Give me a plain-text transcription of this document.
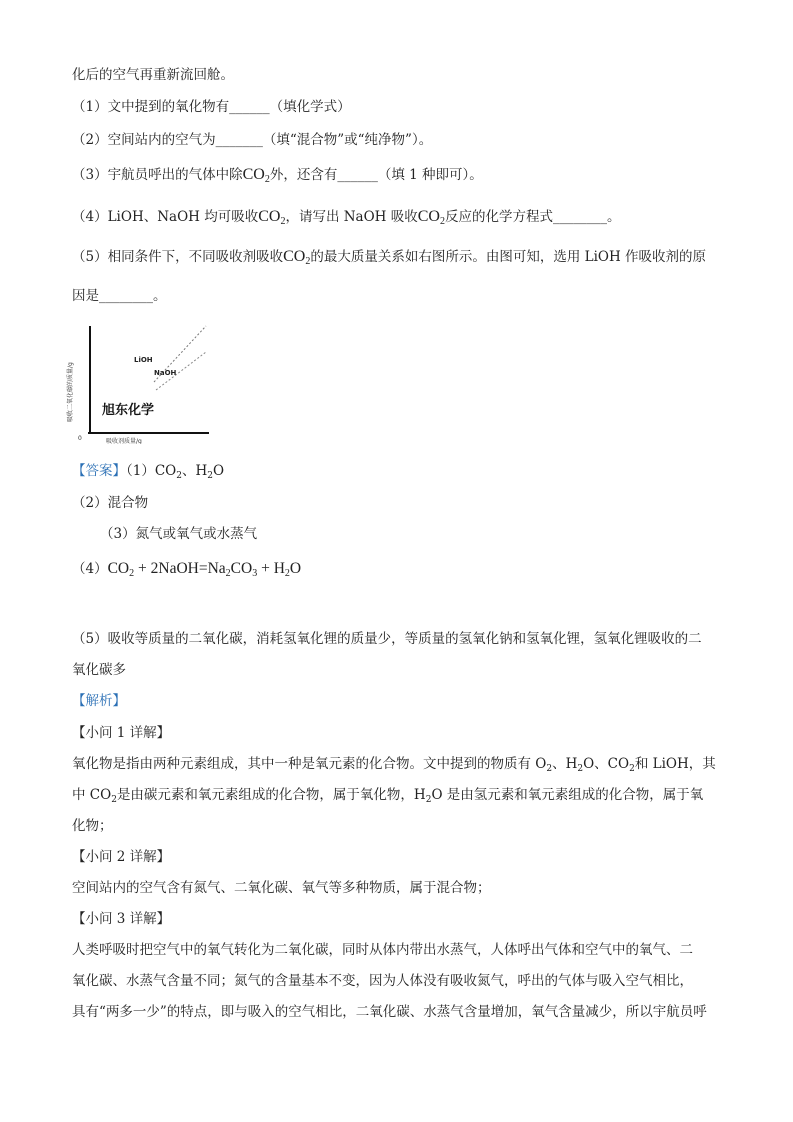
化后的空气再重新流回舱。
（1）文中提到的氧化物有______（填化学式）
（2）空间站内的空气为_______（填“混合物”或“纯净物”）。
（3）宇航员呼出的气体中除$CO_2$外，还含有______（填 1 种即可）。
（4）LiOH、NaOH 均可吸收$CO_2$，请写出 NaOH 吸收$CO_2$反应的化学方程式________。
（5）相同条件下，不同吸收剂吸收$CO_2$的最大质量关系如右图所示。由图可知，选用 LiOH 作吸收剂的原
因是________。
吸收二氧化碳的质量/g
LiOH
NaOH
旭东化学
0	吸收剂质量/g
【答案】$(1)CO_2$、$H_2O$
（2）混合物
（3）氮气或氧气或水蒸气
$(4)CO_2$ + $2NaOH=Na_2CO_3 + H_2O$
（5）吸收等质量的二氧化碳，消耗氢氧化锂的质量少，等质量的氢氧化钠和氢氧化锂，氢氧化锂吸收的二
氧化碳多
【解析】
【小问 1 详解】
氧化物是指由两种元素组成，其中一种是氧元素的化合物。文中提到的物质有 $O_2$、$H_2O$、$CO_2$和 LiOH，其
中 $CO_2$是由碳元素和氧元素组成的化合物，属于氧化物，$H_2O$ 是由氢元素和氧元素组成的化合物，属于氧
化物；
【小问 2 详解】
空间站内的空气含有氮气、二氧化碳、氧气等多种物质，属于混合物；
【小问 3 详解】
人类呼吸时把空气中的氧气转化为二氧化碳，同时从体内带出水蒸气，人体呼出气体和空气中的氧气、二
氧化碳、水蒸气含量不同；氮气的含量基本不变，因为人体没有吸收氮气，呼出的气体与吸入空气相比，
具有“两多一少”的特点，即与吸入的空气相比，二氧化碳、水蒸气含量增加，氧气含量减少，所以宇航员呼
